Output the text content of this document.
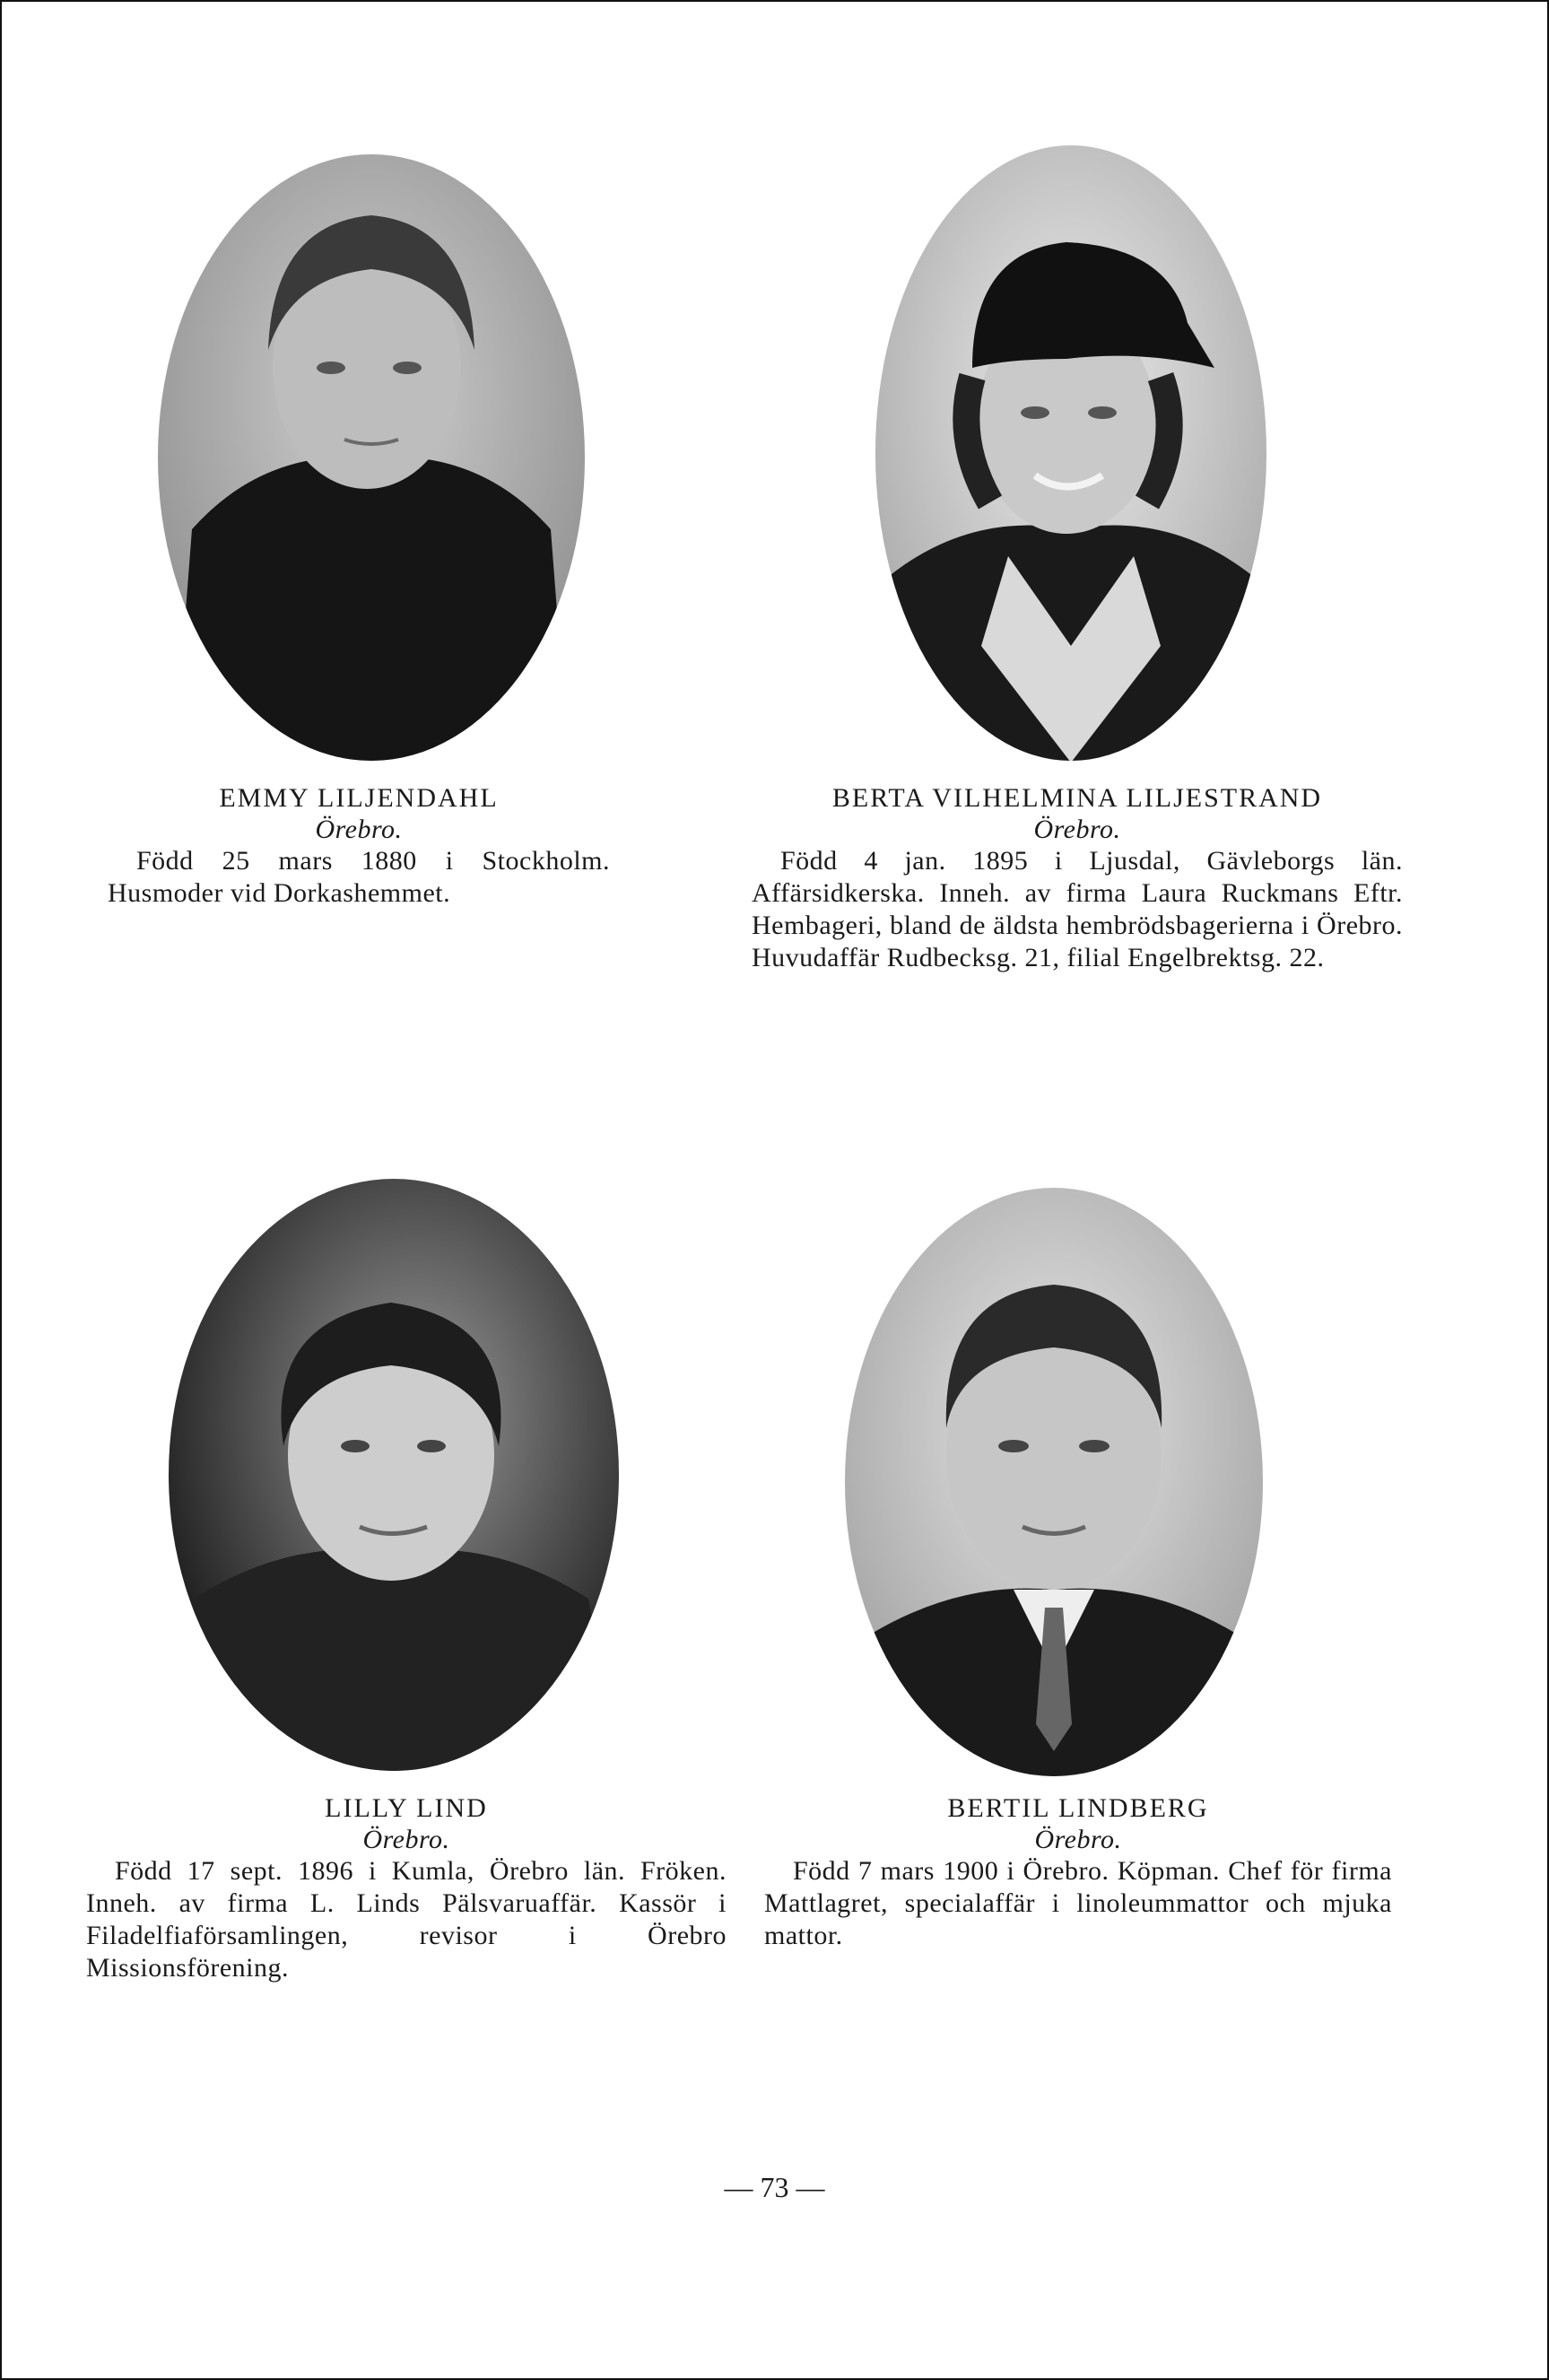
EMMY LILJENDAHL
Örebro.
Född 25 mars 1880 i Stockholm. Husmoder vid Dorkashemmet.
BERTA VILHELMINA LILJESTRAND
Örebro.
Född 4 jan. 1895 i Ljusdal, Gävleborgs län. Affärsidkerska. Inneh. av firma Laura Ruckmans Eftr. Hembageri, bland de äldsta hembrödsbagerierna i Örebro. Huvudaffär Rudbecksg. 21, filial Engelbrektsg. 22.
LILLY LIND
Örebro.
Född 17 sept. 1896 i Kumla, Örebro län. Fröken. Inneh. av firma L. Linds Pälsvaruaffär. Kassör i Filadelfiaförsamlingen, revisor i Örebro Missionsförening.
BERTIL LINDBERG
Örebro.
Född 7 mars 1900 i Örebro. Köpman. Chef för firma Mattlagret, specialaffär i linoleummattor och mjuka mattor.
— 73 —
